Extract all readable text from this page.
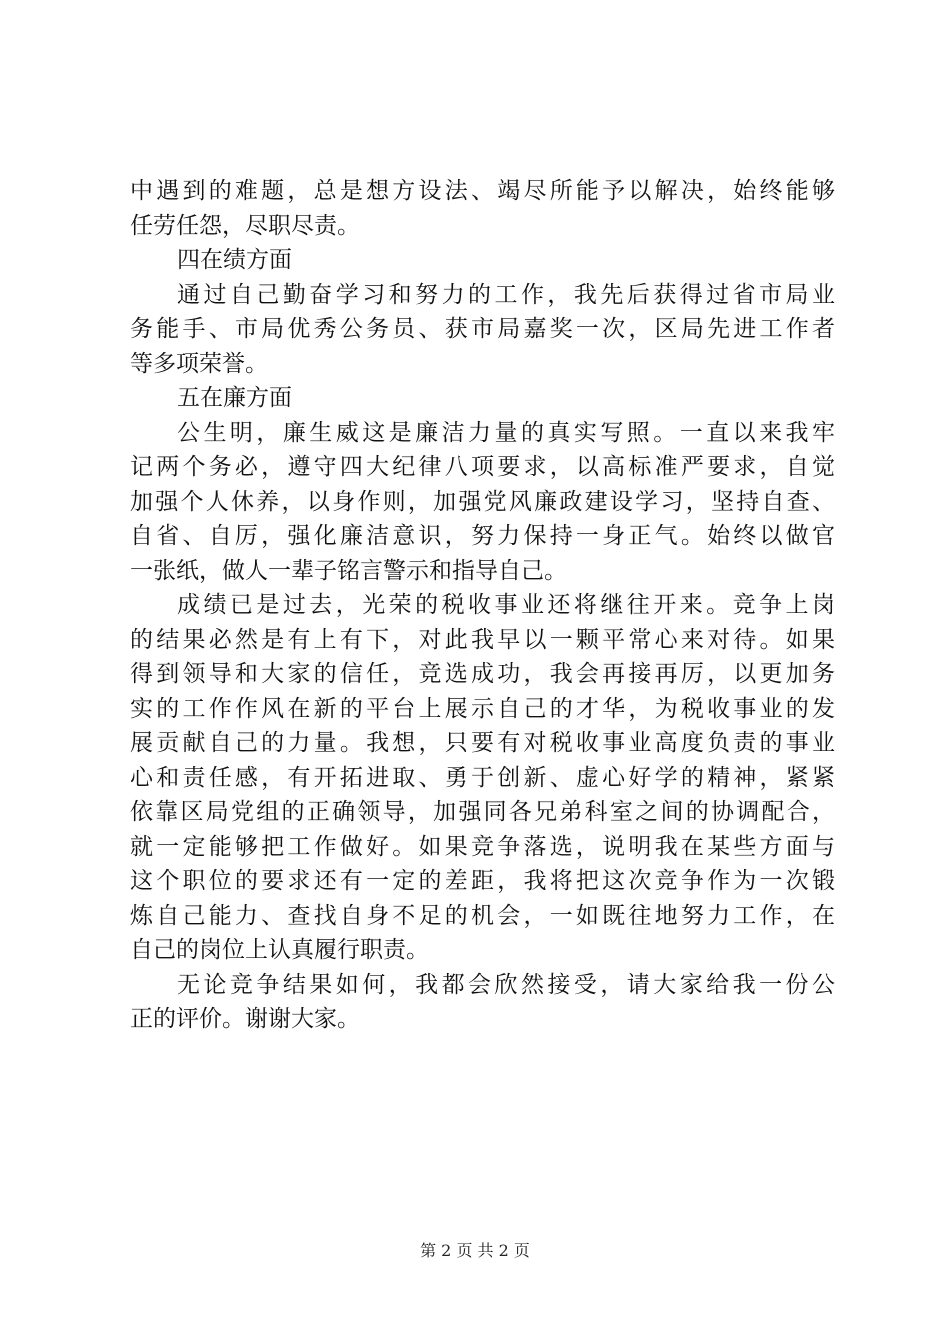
中遇到的难题，总是想方设法、竭尽所能予以解决，始终能够
任劳任怨，尽职尽责。
四在绩方面
通过自己勤奋学习和努力的工作，我先后获得过省市局业
务能手、市局优秀公务员、获市局嘉奖一次，区局先进工作者
等多项荣誉。
五在廉方面
公生明，廉生威这是廉洁力量的真实写照。一直以来我牢
记两个务必，遵守四大纪律八项要求，以高标准严要求，自觉
加强个人休养，以身作则，加强党风廉政建设学习，坚持自查、
自省、自厉，强化廉洁意识，努力保持一身正气。始终以做官
一张纸，做人一辈子铭言警示和指导自己。
成绩已是过去，光荣的税收事业还将继往开来。竞争上岗
的结果必然是有上有下，对此我早以一颗平常心来对待。如果
得到领导和大家的信任，竞选成功，我会再接再厉，以更加务
实的工作作风在新的平台上展示自己的才华，为税收事业的发
展贡献自己的力量。我想，只要有对税收事业高度负责的事业
心和责任感，有开拓进取、勇于创新、虚心好学的精神，紧紧
依靠区局党组的正确领导，加强同各兄弟科室之间的协调配合，
就一定能够把工作做好。如果竞争落选，说明我在某些方面与
这个职位的要求还有一定的差距，我将把这次竞争作为一次锻
炼自己能力、查找自身不足的机会，一如既往地努力工作，在
自己的岗位上认真履行职责。
无论竞争结果如何，我都会欣然接受，请大家给我一份公
正的评价。谢谢大家。
第 2 页 共 2 页
